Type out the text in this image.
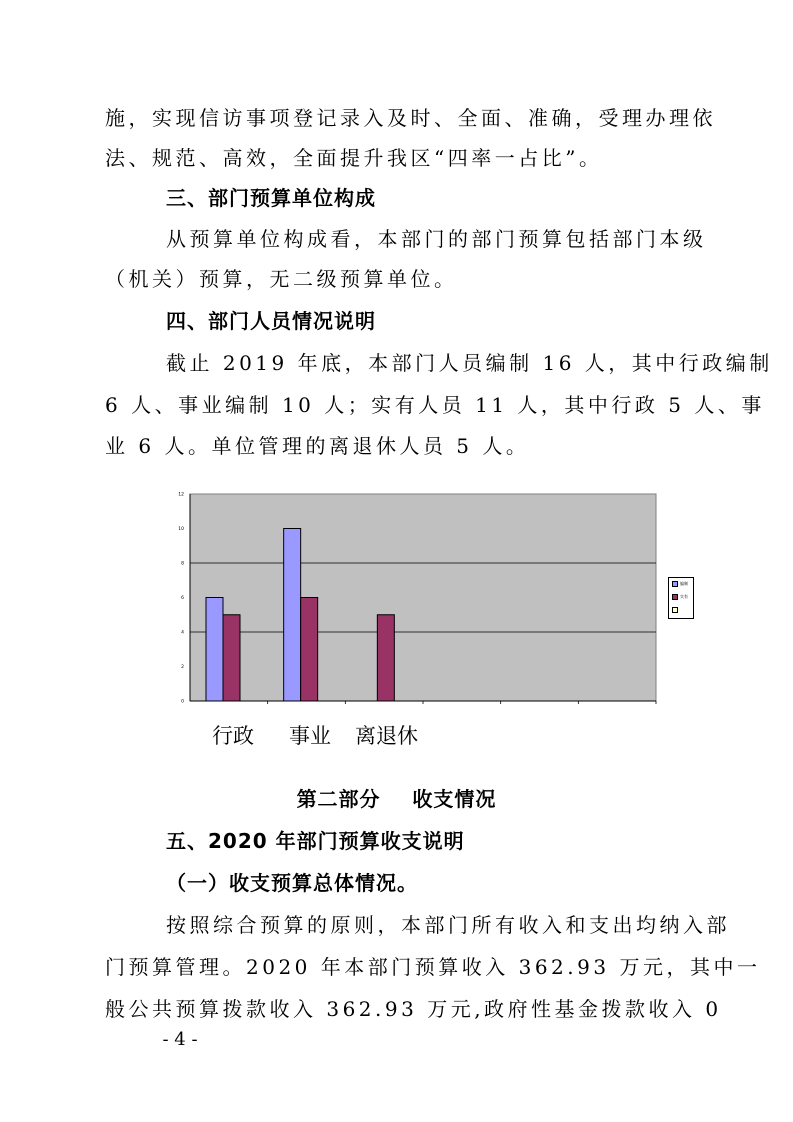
施，实现信访事项登记录入及时、全面、准确，受理办理依
法、规范、高效，全面提升我区“四率一占比”。
三、部门预算单位构成
从预算单位构成看，本部门的部门预算包括部门本级
（机关）预算，无二级预算单位。
四、部门人员情况说明
截止 2019 年底，本部门人员编制 16 人，其中行政编制
6 人、事业编制 10 人；实有人员 11 人，其中行政 5 人、事
业 6 人。单位管理的离退休人员 5 人。
0
2
4
6
8
10
12
编制
实有
行政 事业 离退休
第二部分    收支情况
五、2020 年部门预算收支说明
（一）收支预算总体情况。
按照综合预算的原则，本部门所有收入和支出均纳入部
门预算管理。2020 年本部门预算收入 362.93 万元，其中一
般公共预算拨款收入 362.93 万元,政府性基金拨款收入 0
- 4 -
